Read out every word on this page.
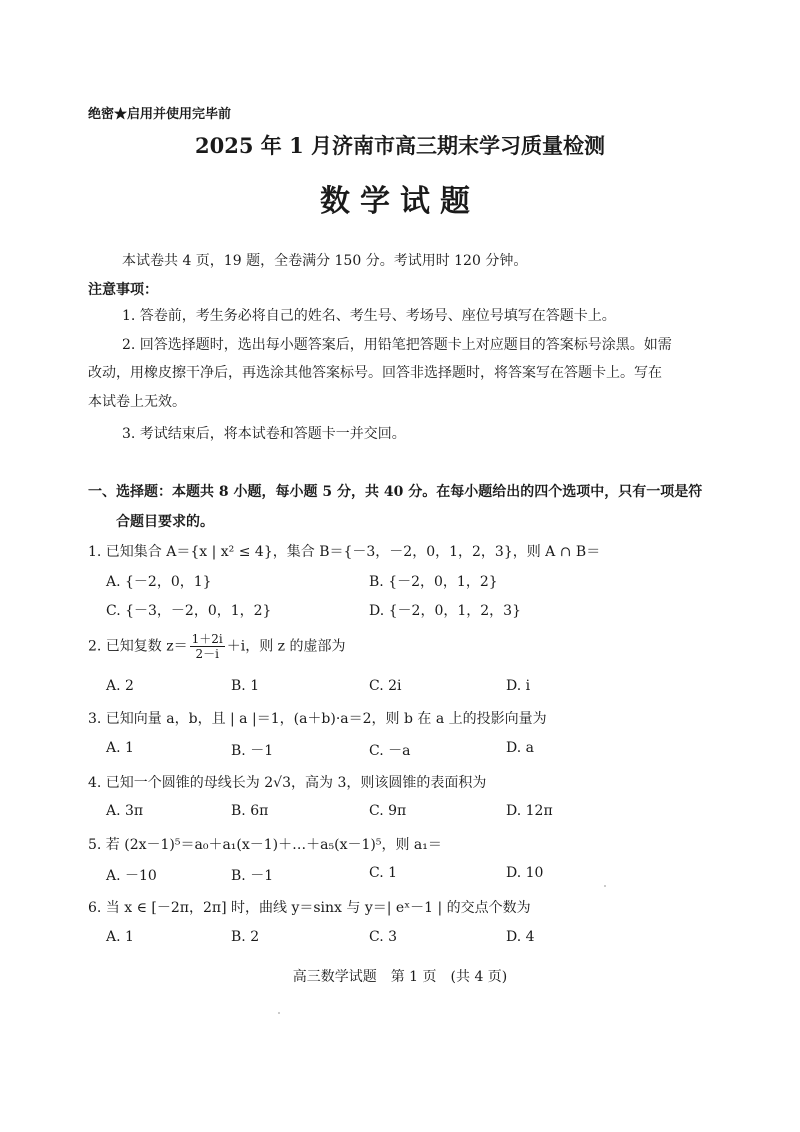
绝密★启用并使用完毕前
2025 年 1 月济南市高三期末学习质量检测
数学试题
本试卷共 4 页，19 题，全卷满分 150 分。考试用时 120 分钟。
注意事项：
1. 答卷前，考生务必将自己的姓名、考生号、考场号、座位号填写在答题卡上。
2. 回答选择题时，选出每小题答案后，用铅笔把答题卡上对应题目的答案标号涂黑。如需
改动，用橡皮擦干净后，再选涂其他答案标号。回答非选择题时，将答案写在答题卡上。写在
本试卷上无效。
3. 考试结束后，将本试卷和答题卡一并交回。
一、选择题：本题共 8 小题，每小题 5 分，共 40 分。在每小题给出的四个选项中，只有一项是符
合题目要求的。
1. 已知集合 A＝{x | x² ≤ 4}，集合 B＝{－3，－2，0，1，2，3}，则 A ∩ B＝
A. {－2，0，1}	B. {－2，0，1，2}
C. {－3，－2，0，1，2}	D. {－2，0，1，2，3}
2. 已知复数 $z= \frac{1+2i}{2-i} +i$，则 z 的虚部为
A. 2	B. 1	C. 2i	D. i
3. 已知向量 a，b，且 | a |＝1，(a＋b)·a＝2，则 b 在 a 上的投影向量为
A. 1	B. －1	C. －a	D. a
4. 已知一个圆锥的母线长为 2√3，高为 3，则该圆锥的表面积为
A. 3π	B. 6π	C. 9π	D. 12π
5. 若 (2x－1)⁵＝a₀＋a₁(x－1)＋…＋a₅(x－1)⁵，则 a₁＝
A. －10	B. －1	C. 1	D. 10
6. 当 x ∈ [－2π，2π] 时，曲线 y＝sinx 与 y＝| eˣ－1 | 的交点个数为
A. 1	B. 2	C. 3	D. 4
高三数学试题　第 1 页　(共 4 页)
